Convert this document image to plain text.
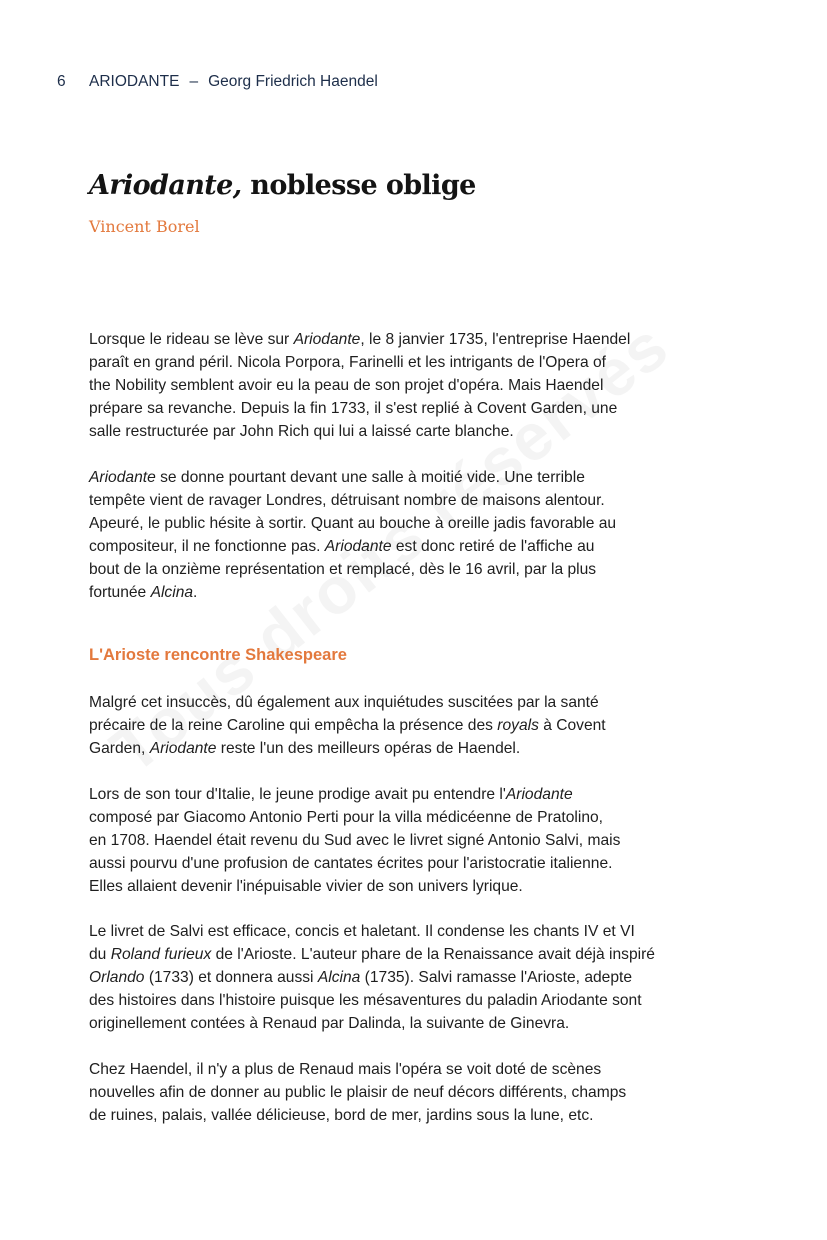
6 ARIODANTE – Georg Friedrich Haendel
Ariodante, noblesse oblige

Vincent Borel

Lorsque le rideau se lève sur Ariodante, le 8 janvier 1735, l'entreprise Haendel
paraît en grand péril. Nicola Porpora, Farinelli et les intrigants de l'Opera of
the Nobility semblent avoir eu la peau de son projet d'opéra. Mais Haendel
prépare sa revanche. Depuis la fin 1733, il s'est replié à Covent Garden, une
salle restructurée par John Rich qui lui a laissé carte blanche.
Ariodante se donne pourtant devant une salle à moitié vide. Une terrible
tempête vient de ravager Londres, détruisant nombre de maisons alentour.
Apeuré, le public hésite à sortir. Quant au bouche à oreille jadis favorable au
compositeur, il ne fonctionne pas. Ariodante est donc retiré de l'affiche au
bout de la onzième représentation et remplacé, dès le 16 avril, par la plus
fortunée Alcina.
L'Arioste rencontre Shakespeare
Malgré cet insuccès, dû également aux inquiétudes suscitées par la santé
précaire de la reine Caroline qui empêcha la présence des royals à Covent
Garden, Ariodante reste l'un des meilleurs opéras de Haendel.
Lors de son tour d'Italie, le jeune prodige avait pu entendre l'Ariodante
composé par Giacomo Antonio Perti pour la villa médicéenne de Pratolino,
en 1708. Haendel était revenu du Sud avec le livret signé Antonio Salvi, mais
aussi pourvu d'une profusion de cantates écrites pour l'aristocratie italienne.
Elles allaient devenir l'inépuisable vivier de son univers lyrique.
Le livret de Salvi est efficace, concis et haletant. Il condense les chants IV et VI
du Roland furieux de l'Arioste. L'auteur phare de la Renaissance avait déjà inspiré
Orlando (1733) et donnera aussi Alcina (1735). Salvi ramasse l'Arioste, adepte
des histoires dans l'histoire puisque les mésaventures du paladin Ariodante sont
originellement contées à Renaud par Dalinda, la suivante de Ginevra.
Chez Haendel, il n'y a plus de Renaud mais l'opéra se voit doté de scènes
nouvelles afin de donner au public le plaisir de neuf décors différents, champs
de ruines, palais, vallée délicieuse, bord de mer, jardins sous la lune, etc.
